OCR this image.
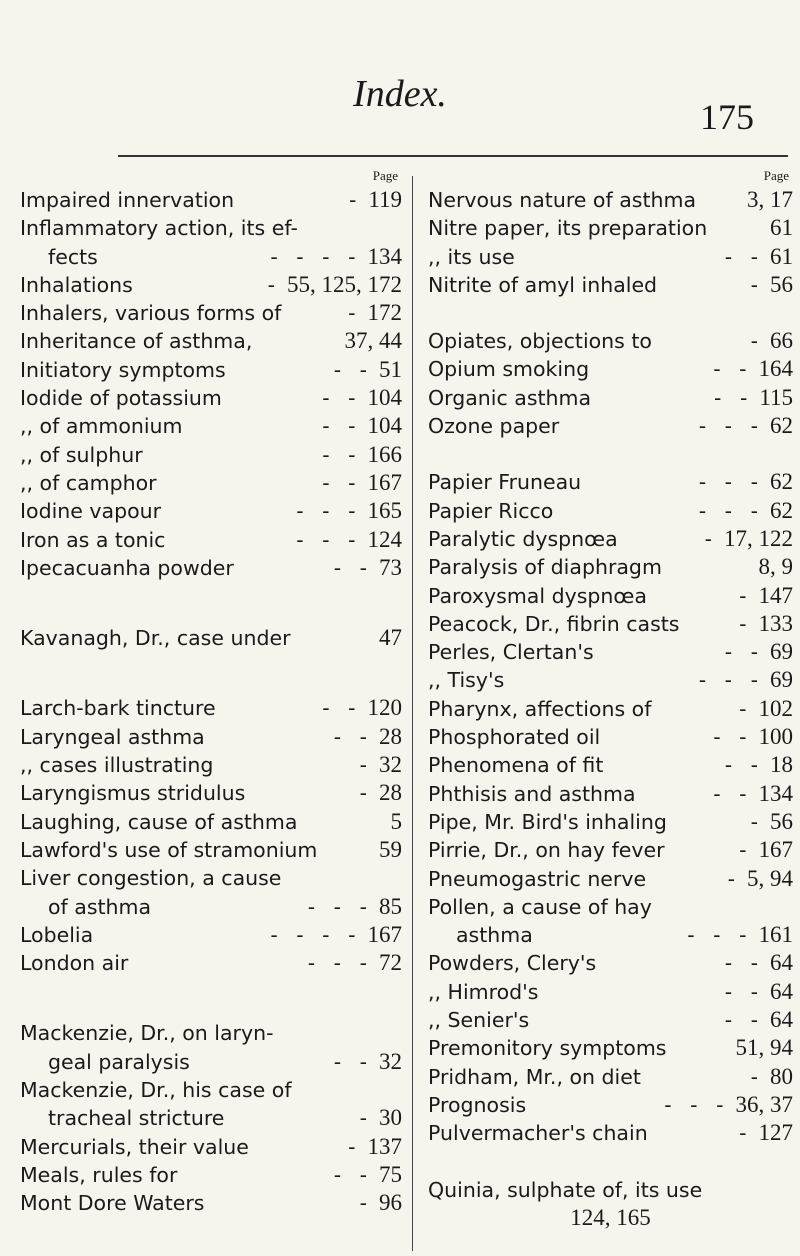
Index.
175
Page
Impaired innervation	- 119
Inflammatory action, its ef-
fects	- - - - 134
Inhalations	- 55, 125, 172
Inhalers, various forms of	- 172
Inheritance of asthma,	37, 44
Initiatory symptoms	- - 51
Iodide of potassium	- - 104
,, of ammonium	- - 104
,, of sulphur	- - 166
,, of camphor	- - 167
Iodine vapour	- - - 165
Iron as a tonic	- - - 124
Ipecacuanha powder	- - 73
Kavanagh, Dr., case under	47
Larch-bark tincture	- - 120
Laryngeal asthma	- - 28
,, cases illustrating	- 32
Laryngismus stridulus	- 28
Laughing, cause of asthma	5
Lawford's use of stramonium	59
Liver congestion, a cause
of asthma	- - - 85
Lobelia	- - - - 167
London air	- - - 72
Mackenzie, Dr., on laryn-
geal paralysis	- - 32
Mackenzie, Dr., his case of
tracheal stricture	- 30
Mercurials, their value	- 137
Meals, rules for	- - 75
Mont Dore Waters	- 96
Page
Nervous nature of asthma 3, 17
Nitre paper, its preparation	61
,, its use	- - 61
Nitrite of amyl inhaled	- 56
Opiates, objections to	- 66
Opium smoking	- - 164
Organic asthma	- - 115
Ozone paper	- - - 62
Papier Fruneau	- - - 62
Papier Ricco	- - - 62
Paralytic dyspnœa	- 17, 122
Paralysis of diaphragm	8, 9
Paroxysmal dyspnœa	- 147
Peacock, Dr., fibrin casts	- 133
Perles, Clertan's	- - 69
,, Tisy's	- - - 69
Pharynx, affections of	- 102
Phosphorated oil	- - 100
Phenomena of fit	- - 18
Phthisis and asthma	- - 134
Pipe, Mr. Bird's inhaling	- 56
Pirrie, Dr., on hay fever	- 167
Pneumogastric nerve	- 5, 94
Pollen, a cause of hay
asthma	- - - 161
Powders, Clery's	- - 64
,, Himrod's	- - 64
,, Senier's	- - 64
Premonitory symptoms	51, 94
Pridham, Mr., on diet	- 80
Prognosis	- - - 36, 37
Pulvermacher's chain	- 127
Quinia, sulphate of, its use
124, 165
